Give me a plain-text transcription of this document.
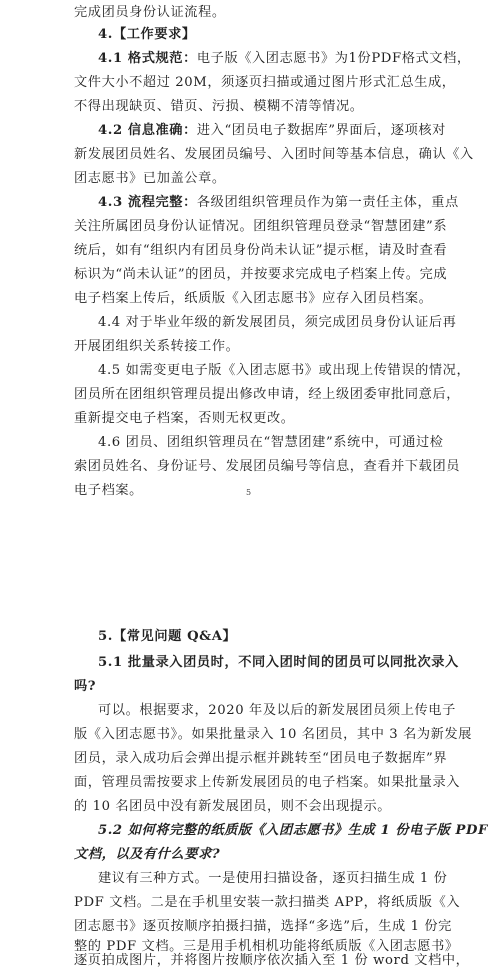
完成团员身份认证流程。
4.【工作要求】
4.1 格式规范：电子版《入团志愿书》为1份PDF格式文档，
文件大小不超过 20M，须逐页扫描或通过图片形式汇总生成，
不得出现缺页、错页、污损、模糊不清等情况。
4.2 信息准确：进入“团员电子数据库”界面后，逐项核对
新发展团员姓名、发展团员编号、入团时间等基本信息，确认《入
团志愿书》已加盖公章。
4.3 流程完整：各级团组织管理员作为第一责任主体，重点
关注所属团员身份认证情况。团组织管理员登录“智慧团建”系
统后，如有“组织内有团员身份尚未认证”提示框，请及时查看
标识为“尚未认证”的团员，并按要求完成电子档案上传。完成
电子档案上传后，纸质版《入团志愿书》应存入团员档案。
4.4 对于毕业年级的新发展团员，须完成团员身份认证后再
开展团组织关系转接工作。
4.5 如需变更电子版《入团志愿书》或出现上传错误的情况，
团员所在团组织管理员提出修改申请，经上级团委审批同意后，
重新提交电子档案，否则无权更改。
4.6 团员、团组织管理员在“智慧团建”系统中，可通过检
索团员姓名、身份证号、发展团员编号等信息，查看并下载团员
电子档案。	5
5.【常见问题 Q&A】
5.1 批量录入团员时，不同入团时间的团员可以同批次录入
吗?
可以。根据要求，2020 年及以后的新发展团员须上传电子
版《入团志愿书》。如果批量录入 10 名团员，其中 3 名为新发展
团员，录入成功后会弹出提示框并跳转至“团员电子数据库”界
面，管理员需按要求上传新发展团员的电子档案。如果批量录入
的 10 名团员中没有新发展团员，则不会出现提示。
5.2 如何将完整的纸质版《入团志愿书》生成 1 份电子版 PDF
文档，以及有什么要求?
建议有三种方式。一是使用扫描设备，逐页扫描生成 1 份
PDF 文档。二是在手机里安装一款扫描类 APP，将纸质版《入
团志愿书》逐页按顺序拍摄扫描，选择“多选”后，生成 1 份完
整的 PDF 文档。三是用手机相机功能将纸质版《入团志愿书》
逐页拍成图片，并将图片按顺序依次插入至 1 份 word 文档中，
